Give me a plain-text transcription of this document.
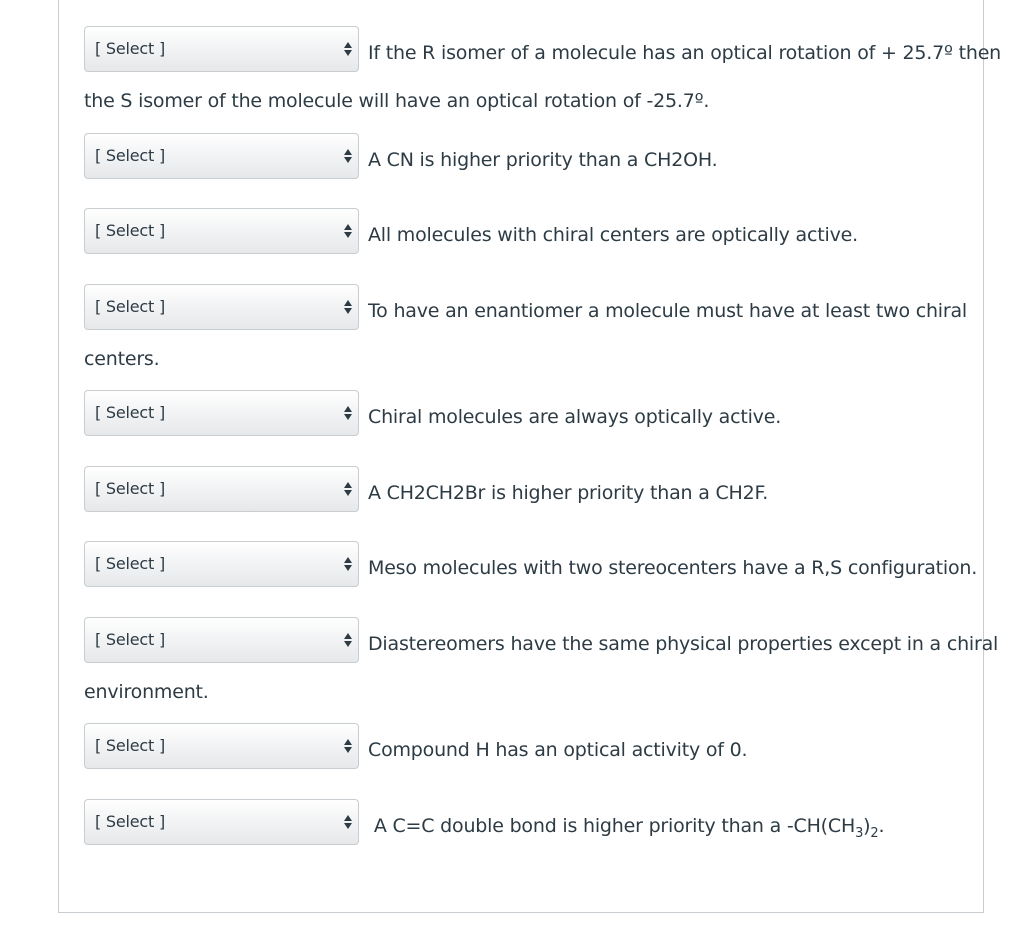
[ Select ]	If the R isomer of a molecule has an optical rotation of + 25.7º then
the S isomer of the molecule will have an optical rotation of -25.7º.
[ Select ]	A CN is higher priority than a CH2OH.
[ Select ]	All molecules with chiral centers are optically active.
[ Select ]	To have an enantiomer a molecule must have at least two chiral
centers.
[ Select ]	Chiral molecules are always optically active.
[ Select ]	A CH2CH2Br is higher priority than a CH2F.
[ Select ]	Meso molecules with two stereocenters have a R,S configuration.
[ Select ]	Diastereomers have the same physical properties except in a chiral
environment.
[ Select ]	Compound H has an optical activity of 0.
[ Select ]	A C=C double bond is higher priority than a $-CH(CH_3)_2$.
